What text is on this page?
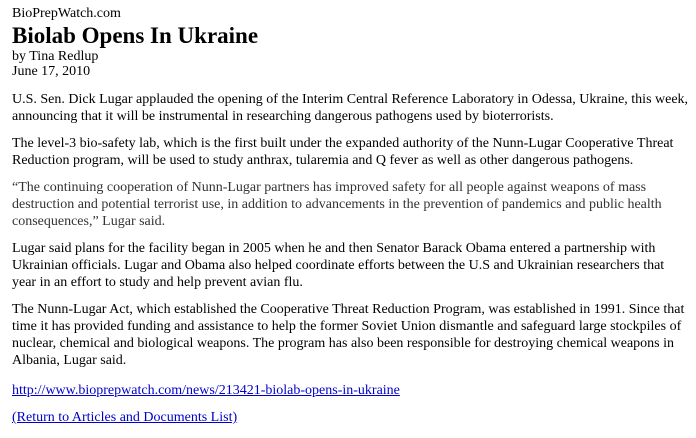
BioPrepWatch.com

Biolab Opens In Ukraine

by Tina Redlup

June 17, 2010

U.S. Sen. Dick Lugar applauded the opening of the Interim Central Reference Laboratory in Odessa, Ukraine, this week, announcing that it will be instrumental in researching dangerous pathogens used by bioterrorists.

The level-3 bio-safety lab, which is the first built under the expanded authority of the Nunn-Lugar Cooperative Threat Reduction program, will be used to study anthrax, tularemia and Q fever as well as other dangerous pathogens.

“The continuing cooperation of Nunn-Lugar partners has improved safety for all people against weapons of mass destruction and potential terrorist use, in addition to advancements in the prevention of pandemics and public health consequences,” Lugar said.

Lugar said plans for the facility began in 2005 when he and then Senator Barack Obama entered a partnership with Ukrainian officials. Lugar and Obama also helped coordinate efforts between the U.S and Ukrainian researchers that year in an effort to study and help prevent avian flu.

The Nunn-Lugar Act, which established the Cooperative Threat Reduction Program, was established in 1991. Since that time it has provided funding and assistance to help the former Soviet Union dismantle and safeguard large stockpiles of nuclear, chemical and biological weapons. The program has also been responsible for destroying chemical weapons in Albania, Lugar said.

http://www.bioprepwatch.com/news/213421-biolab-opens-in-ukraine
(Return to Articles and Documents List)
